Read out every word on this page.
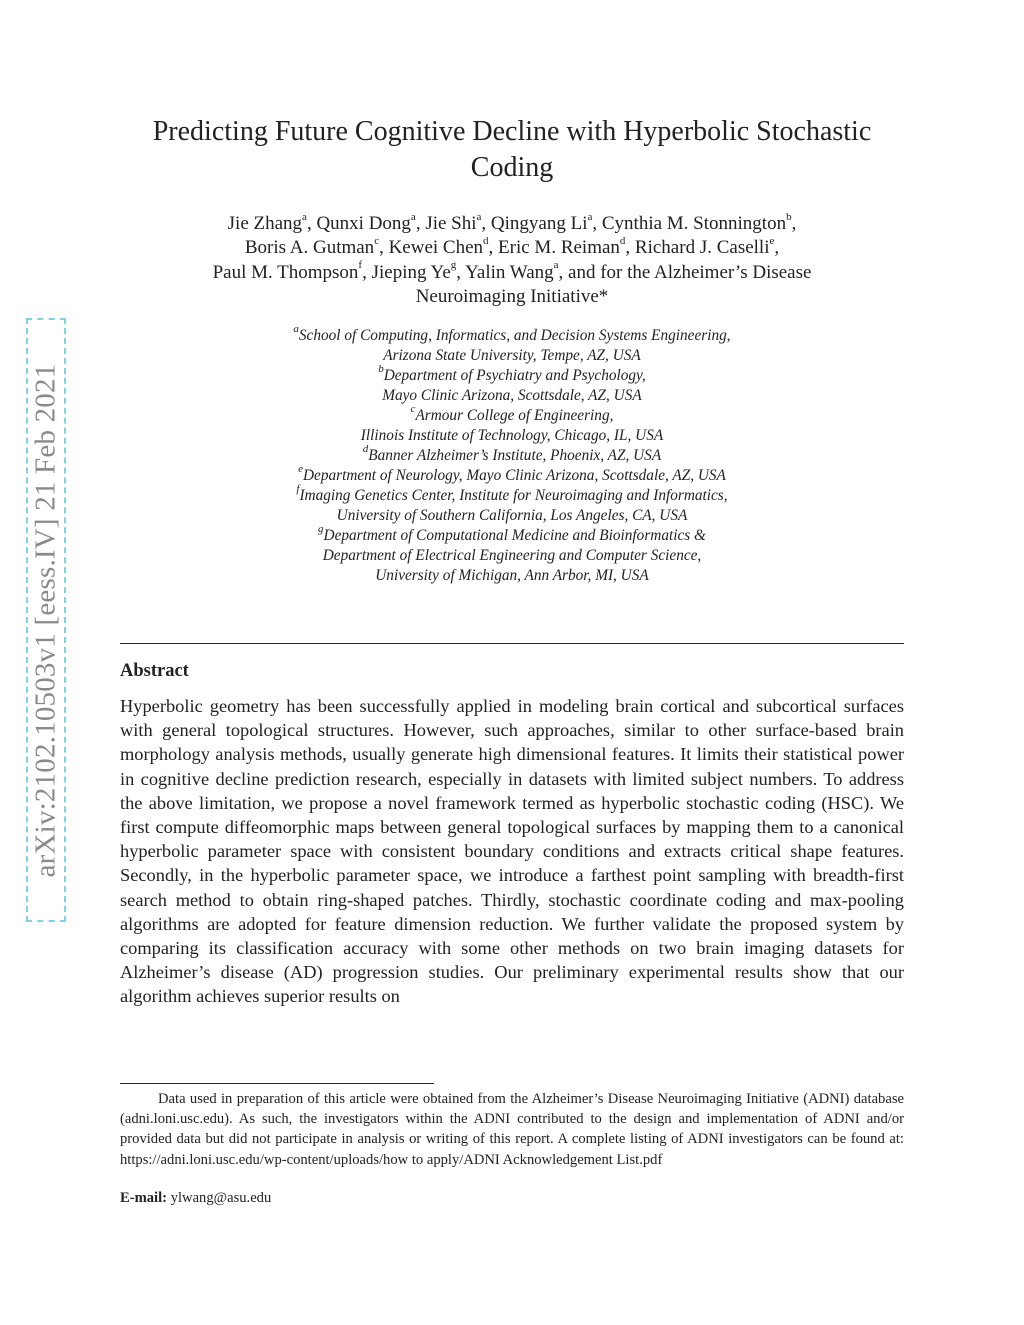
arXiv:2102.10503v1 [eess.IV] 21 Feb 2021
Predicting Future Cognitive Decline with Hyperbolic Stochastic
Coding
Jie Zhang$^a$, Qunxi Dong$^a$, Jie Shi$^a$, Qingyang Li$^a$, Cynthia M. Stonnington$^b$,
Boris A. Gutman$^c$, Kewei Chen$^d$, Eric M. Reiman$^d$, Richard J. Caselli$^e$,
Paul M. Thompson$^f$, Jieping Ye$^g$, Yalin Wang$^a$, and for the Alzheimer’s Disease
Neuroimaging Initiative*
$^a$School of Computing, Informatics, and Decision Systems Engineering,
Arizona State University, Tempe, AZ, USA
$^b$Department of Psychiatry and Psychology,
Mayo Clinic Arizona, Scottsdale, AZ, USA
$^c$Armour College of Engineering,
Illinois Institute of Technology, Chicago, IL, USA
$^d$Banner Alzheimer’s Institute, Phoenix, AZ, USA
$^e$Department of Neurology, Mayo Clinic Arizona, Scottsdale, AZ, USA
$^f$Imaging Genetics Center, Institute for Neuroimaging and Informatics,
University of Southern California, Los Angeles, CA, USA
$^g$Department of Computational Medicine and Bioinformatics &
Department of Electrical Engineering and Computer Science,
University of Michigan, Ann Arbor, MI, USA
Abstract

Hyperbolic geometry has been successfully applied in modeling brain cortical and subcortical surfaces with general topological structures. However, such approaches, similar to other surface-based brain morphology analysis methods, usually generate high dimensional features. It limits their statistical power in cognitive decline prediction research, especially in datasets with limited subject numbers. To address the above limitation, we propose a novel framework termed as hyperbolic stochastic coding (HSC). We first compute diffeomorphic maps between general topological surfaces by mapping them to a canonical hyperbolic parameter space with consistent boundary conditions and extracts critical shape features. Secondly, in the hyperbolic parameter space, we introduce a farthest point sampling with breadth-first search method to obtain ring-shaped patches. Thirdly, stochastic coordinate coding and max-pooling algorithms are adopted for feature dimension reduction. We further validate the proposed system by comparing its classification accuracy with some other methods on two brain imaging datasets for Alzheimer’s disease (AD) progression studies. Our preliminary experimental results show that our algorithm achieves superior results on

Data used in preparation of this article were obtained from the Alzheimer’s Disease Neuroimaging Initiative (ADNI) database (adni.loni.usc.edu). As such, the investigators within the ADNI contributed to the design and implementation of ADNI and/or provided data but did not participate in analysis or writing of this report. A complete listing of ADNI investigators can be found at: https://adni.loni.usc.edu/wp-content/uploads/how to apply/ADNI Acknowledgement List.pdf

E-mail: ylwang@asu.edu
